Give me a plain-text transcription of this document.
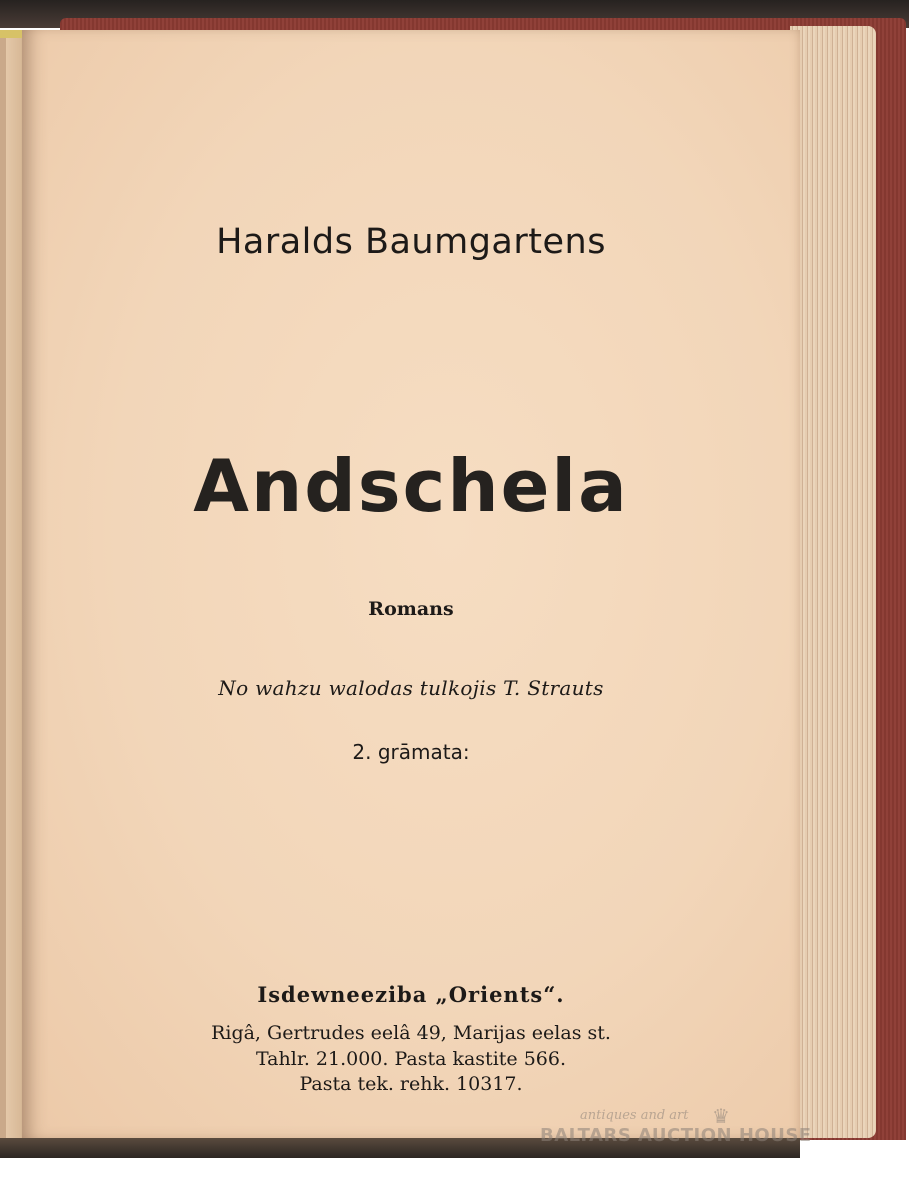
Haralds Baumgartens
Andschela
Romans
No wahzu walodas tulkojis T. Strauts
2. grāmata:
Isdewneeziba „Orients“.
Rigâ, Gertrudes eelâ 49, Marijas eelas st.
Tahlr. 21.000. Pasta kastite 566.
Pasta tek. rehk. 10317.
antiques and art ♛
BALTARS AUCTION HOUSE
